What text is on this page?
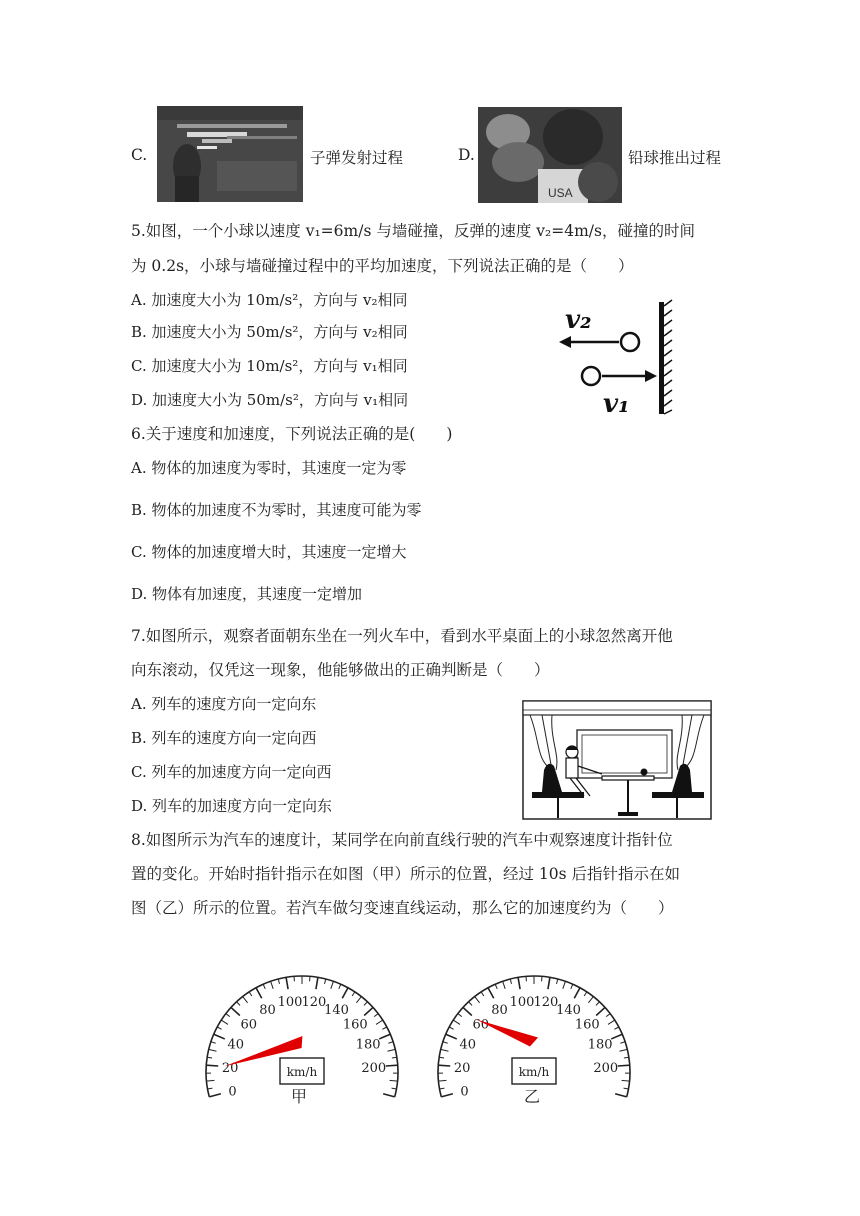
C.	子弹发射过程	D.
USA
铅球推出过程
5.如图，一个小球以速度 v₁=6m/s 与墙碰撞，反弹的速度 v₂=4m/s，碰撞的时间
为 0.2s，小球与墙碰撞过程中的平均加速度，下列说法正确的是（　　）
A. 加速度大小为 10m/s²，方向与 v₂相同
B. 加速度大小为 50m/s²，方向与 v₂相同
C. 加速度大小为 10m/s²，方向与 v₁相同
D. 加速度大小为 50m/s²，方向与 v₁相同
v₂
v₁
6.关于速度和加速度，下列说法正确的是(　　)
A. 物体的加速度为零时，其速度一定为零
B. 物体的加速度不为零时，其速度可能为零
C. 物体的加速度增大时，其速度一定增大
D. 物体有加速度，其速度一定增加
7.如图所示，观察者面朝东坐在一列火车中，看到水平桌面上的小球忽然离开他
向东滚动，仅凭这一现象，他能够做出的正确判断是（　　）
A. 列车的速度方向一定向东
B. 列车的速度方向一定向西
C. 列车的加速度方向一定向西
D. 列车的加速度方向一定向东
8.如图所示为汽车的速度计，某同学在向前直线行驶的汽车中观察速度计指针位
置的变化。开始时指针指示在如图（甲）所示的位置，经过 10s 后指针指示在如
图（乙）所示的位置。若汽车做匀变速直线运动，那么它的加速度约为（　　）
0
20
40
60
80
100 120
140
160
180
200
km/h
甲	0
20
40
60
80
100 120
140
160
180
200
km/h
乙
